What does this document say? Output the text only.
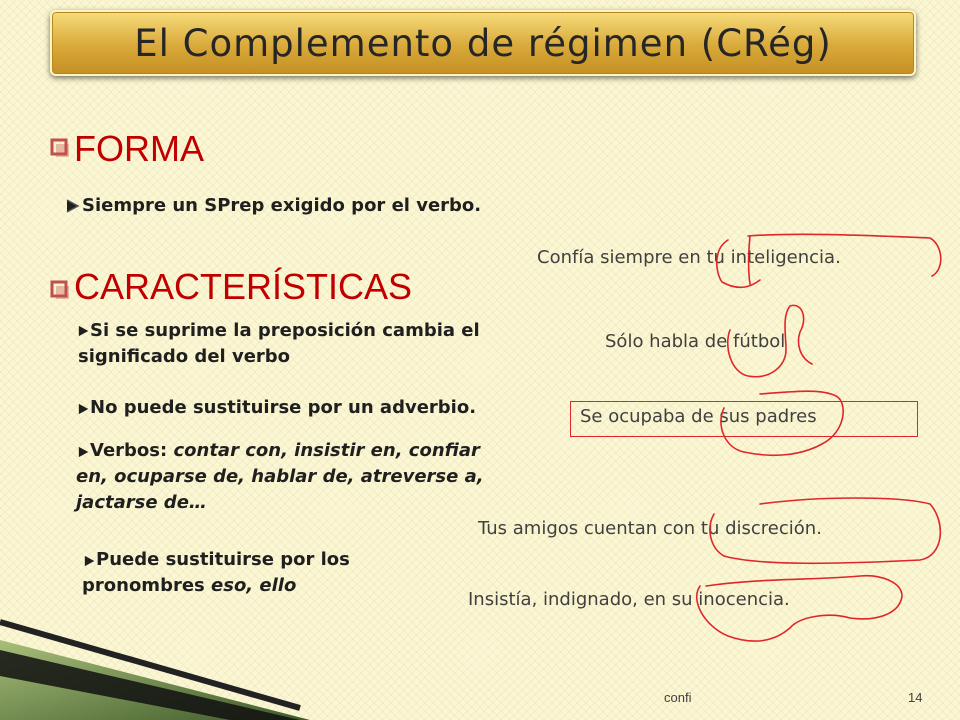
El Complemento de régimen (CRég)
FORMA
Siempre un SPrep exigido por el verbo.
CARACTERÍSTICAS
Si se suprime la preposición cambia el significado del verbo
No puede sustituirse por un adverbio.
Verbos: contar con, insistir en, confiar en, ocuparse de, hablar de, atreverse a, jactarse de…
Puede sustituirse por los pronombres eso, ello
Confía siempre en tu inteligencia.
Sólo habla de fútbol
Se ocupaba de sus padres
Tus amigos cuentan con tu discreción.
Insistía, indignado, en su inocencia.
confi	14
